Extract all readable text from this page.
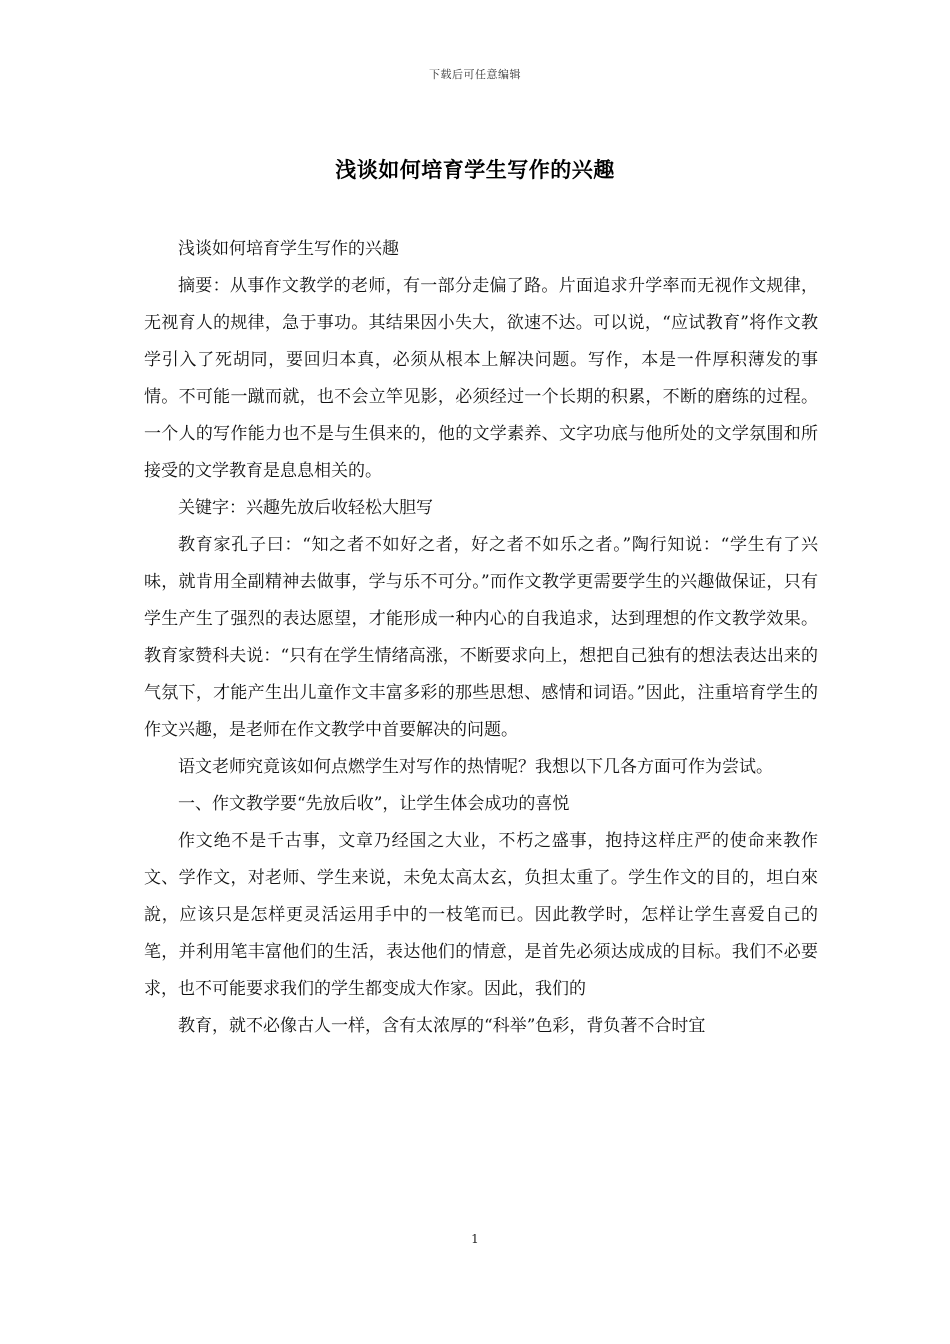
下载后可任意编辑
浅谈如何培育学生写作的兴趣

浅谈如何培育学生写作的兴趣

摘要：从事作文教学的老师，有一部分走偏了路。片面追求升学率而无视作文规律，无视育人的规律，急于事功。其结果因小失大，欲速不达。可以说，“应试教育”将作文教学引入了死胡同，要回归本真，必须从根本上解决问题。写作，本是一件厚积薄发的事情。不可能一蹴而就，也不会立竿见影，必须经过一个长期的积累，不断的磨练的过程。一个人的写作能力也不是与生俱来的，他的文学素养、文字功底与他所处的文学氛围和所接受的文学教育是息息相关的。

关键字：兴趣先放后收轻松大胆写

教育家孔子曰：“知之者不如好之者，好之者不如乐之者。”陶行知说：“学生有了兴味，就肯用全副精神去做事，学与乐不可分。”而作文教学更需要学生的兴趣做保证，只有学生产生了强烈的表达愿望，才能形成一种内心的自我追求，达到理想的作文教学效果。教育家赞科夫说：“只有在学生情绪高涨，不断要求向上，想把自己独有的想法表达出来的气氛下，才能产生出儿童作文丰富多彩的那些思想、感情和词语。”因此，注重培育学生的作文兴趣，是老师在作文教学中首要解决的问题。

语文老师究竟该如何点燃学生对写作的热情呢？我想以下几各方面可作为尝试。

一、作文教学要“先放后收”，让学生体会成功的喜悦

作文绝不是千古事，文章乃经国之大业，不朽之盛事，抱持这样庄严的使命来教作文、学作文，对老师、学生来说，未免太高太玄，负担太重了。学生作文的目的，坦白來說，应该只是怎样更灵活运用手中的一枝笔而已。因此教学时，怎样让学生喜爱自己的笔，并利用笔丰富他们的生活，表达他们的情意，是首先必须达成成的目标。我们不必要求，也不可能要求我们的学生都变成大作家。因此，我们的

教育，就不必像古人一样，含有太浓厚的“科举”色彩，背负著不合时宜

1
